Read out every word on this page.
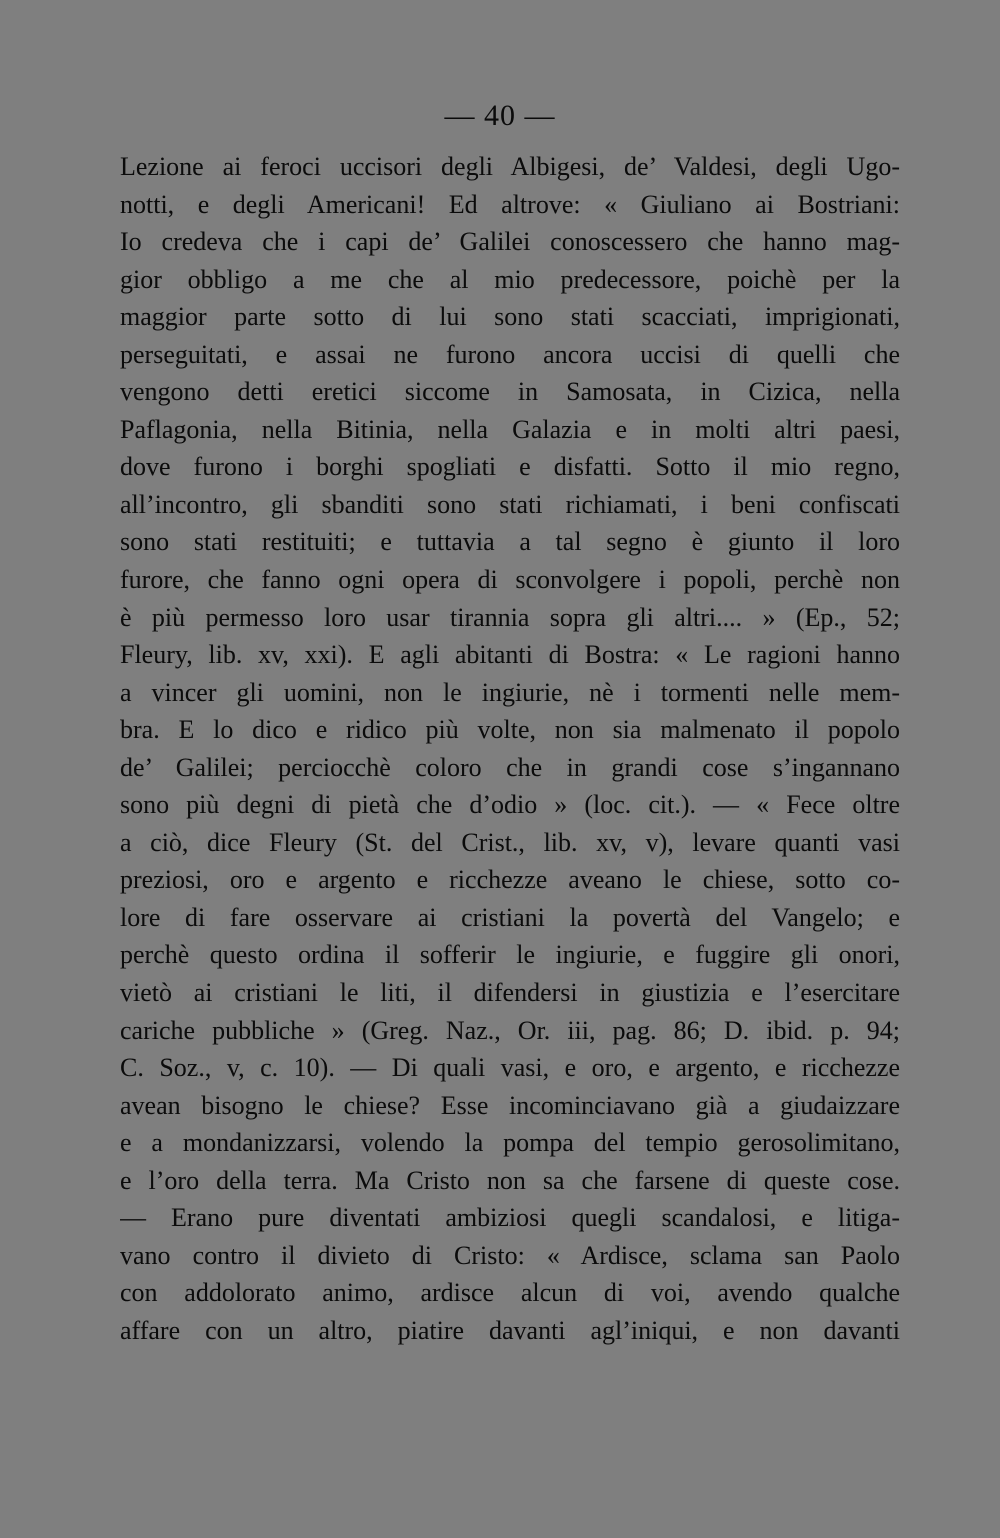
— 40 —
Lezione ai feroci uccisori degli Albigesi, de’ Valdesi, degli Ugo-
notti, e degli Americani! Ed altrove: « Giuliano ai Bostriani:
Io credeva che i capi de’ Galilei conoscessero che hanno mag-
gior obbligo a me che al mio predecessore, poichè per la
maggior parte sotto di lui sono stati scacciati, imprigionati,
perseguitati, e assai ne furono ancora uccisi di quelli che
vengono detti eretici siccome in Samosata, in Cizica, nella
Paflagonia, nella Bitinia, nella Galazia e in molti altri paesi,
dove furono i borghi spogliati e disfatti. Sotto il mio regno,
all’incontro, gli sbanditi sono stati richiamati, i beni confiscati
sono stati restituiti; e tuttavia a tal segno è giunto il loro
furore, che fanno ogni opera di sconvolgere i popoli, perchè non
è più permesso loro usar tirannia sopra gli altri.... » (Ep., 52;
Fleury, lib. xv, xxi). E agli abitanti di Bostra: « Le ragioni hanno
a vincer gli uomini, non le ingiurie, nè i tormenti nelle mem-
bra. E lo dico e ridico più volte, non sia malmenato il popolo
de’ Galilei; perciocchè coloro che in grandi cose s’ingannano
sono più degni di pietà che d’odio » (loc. cit.). — « Fece oltre
a ciò, dice Fleury (St. del Crist., lib. xv, v), levare quanti vasi
preziosi, oro e argento e ricchezze aveano le chiese, sotto co-
lore di fare osservare ai cristiani la povertà del Vangelo; e
perchè questo ordina il sofferir le ingiurie, e fuggire gli onori,
vietò ai cristiani le liti, il difendersi in giustizia e l’esercitare
cariche pubbliche » (Greg. Naz., Or. iii, pag. 86; D. ibid. p. 94;
C. Soz., v, c. 10). — Di quali vasi, e oro, e argento, e ricchezze
avean bisogno le chiese? Esse incominciavano già a giudaizzare
e a mondanizzarsi, volendo la pompa del tempio gerosolimitano,
e l’oro della terra. Ma Cristo non sa che farsene di queste cose.
— Erano pure diventati ambiziosi quegli scandalosi, e litiga-
vano contro il divieto di Cristo: « Ardisce, sclama san Paolo
con addolorato animo, ardisce alcun di voi, avendo qualche
affare con un altro, piatire davanti agl’iniqui, e non davanti
